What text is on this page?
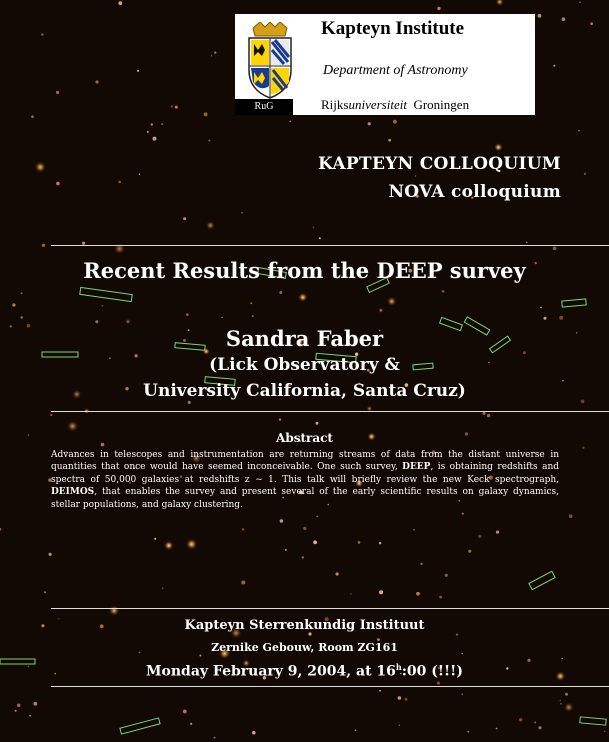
RuG
Kapteyn Institute
Department of Astronomy
Rijksuniversiteit Groningen
KAPTEYN COLLOQUIUM
NOVA colloquium
Recent Results from the DEEP survey
Sandra Faber
(Lick Observatory &
University California, Santa Cruz)
Abstract
Advances in telescopes and instrumentation are returning streams of data from the distant universe in quantities that once would have seemed inconceivable. One such survey, DEEP, is obtaining redshifts and spectra of 50,000 galaxies at redshifts z ∼ 1. This talk will briefly review the new Keck spectrograph, DEIMOS, that enables the survey and present several of the early scientific results on galaxy dynamics, stellar populations, and galaxy clustering.
Kapteyn Sterrenkundig Instituut
Zernike Gebouw, Room ZG161
Monday February 9, 2004, at 16$^h$:00 (!!!)
